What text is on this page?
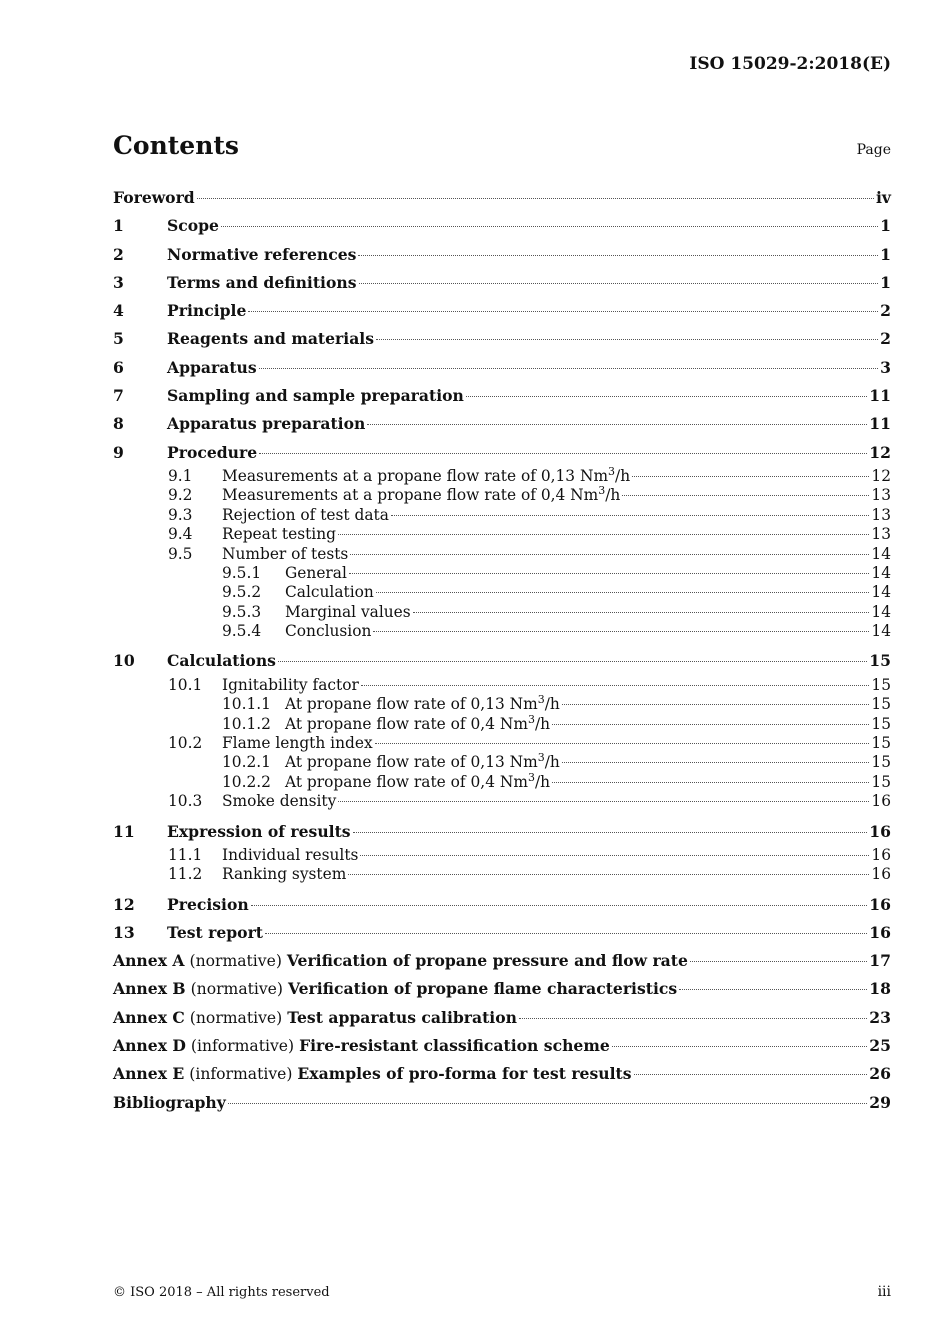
ISO 15029-2:2018(E)
Contents	Page
Foreword	iv
1	Scope	1
2	Normative references	1
3	Terms and definitions	1
4	Principle	2
5	Reagents and materials	2
6	Apparatus	3
7	Sampling and sample preparation	11
8	Apparatus preparation	11
9	Procedure	12
9.1	Measurements at a propane flow rate of 0,13 Nm$^3$/h	12
9.2	Measurements at a propane flow rate of 0,4 Nm$^3$/h	13
9.3	Rejection of test data	13
9.4	Repeat testing	13
9.5	Number of tests	14
9.5.1	General	14
9.5.2	Calculation	14
9.5.3	Marginal values	14
9.5.4	Conclusion	14
10	Calculations	15
10.1	Ignitability factor	15
10.1.1 At propane flow rate of 0,13 Nm$^3$/h	15
10.1.2 At propane flow rate of 0,4 Nm$^3$/h	15
10.2	Flame length index	15
10.2.1 At propane flow rate of 0,13 Nm$^3$/h	15
10.2.2 At propane flow rate of 0,4 Nm$^3$/h	15
10.3	Smoke density	16
11	Expression of results	16
11.1	Individual results	16
11.2	Ranking system	16
12	Precision	16
13	Test report	16
Annex A (normative) Verification of propane pressure and flow rate	17
Annex B (normative) Verification of propane flame characteristics	18
Annex C (normative) Test apparatus calibration	23
Annex D (informative) Fire-resistant classification scheme	25
Annex E (informative) Examples of pro-forma for test results	26
Bibliography	29
© ISO 2018 – All rights reserved	iii
